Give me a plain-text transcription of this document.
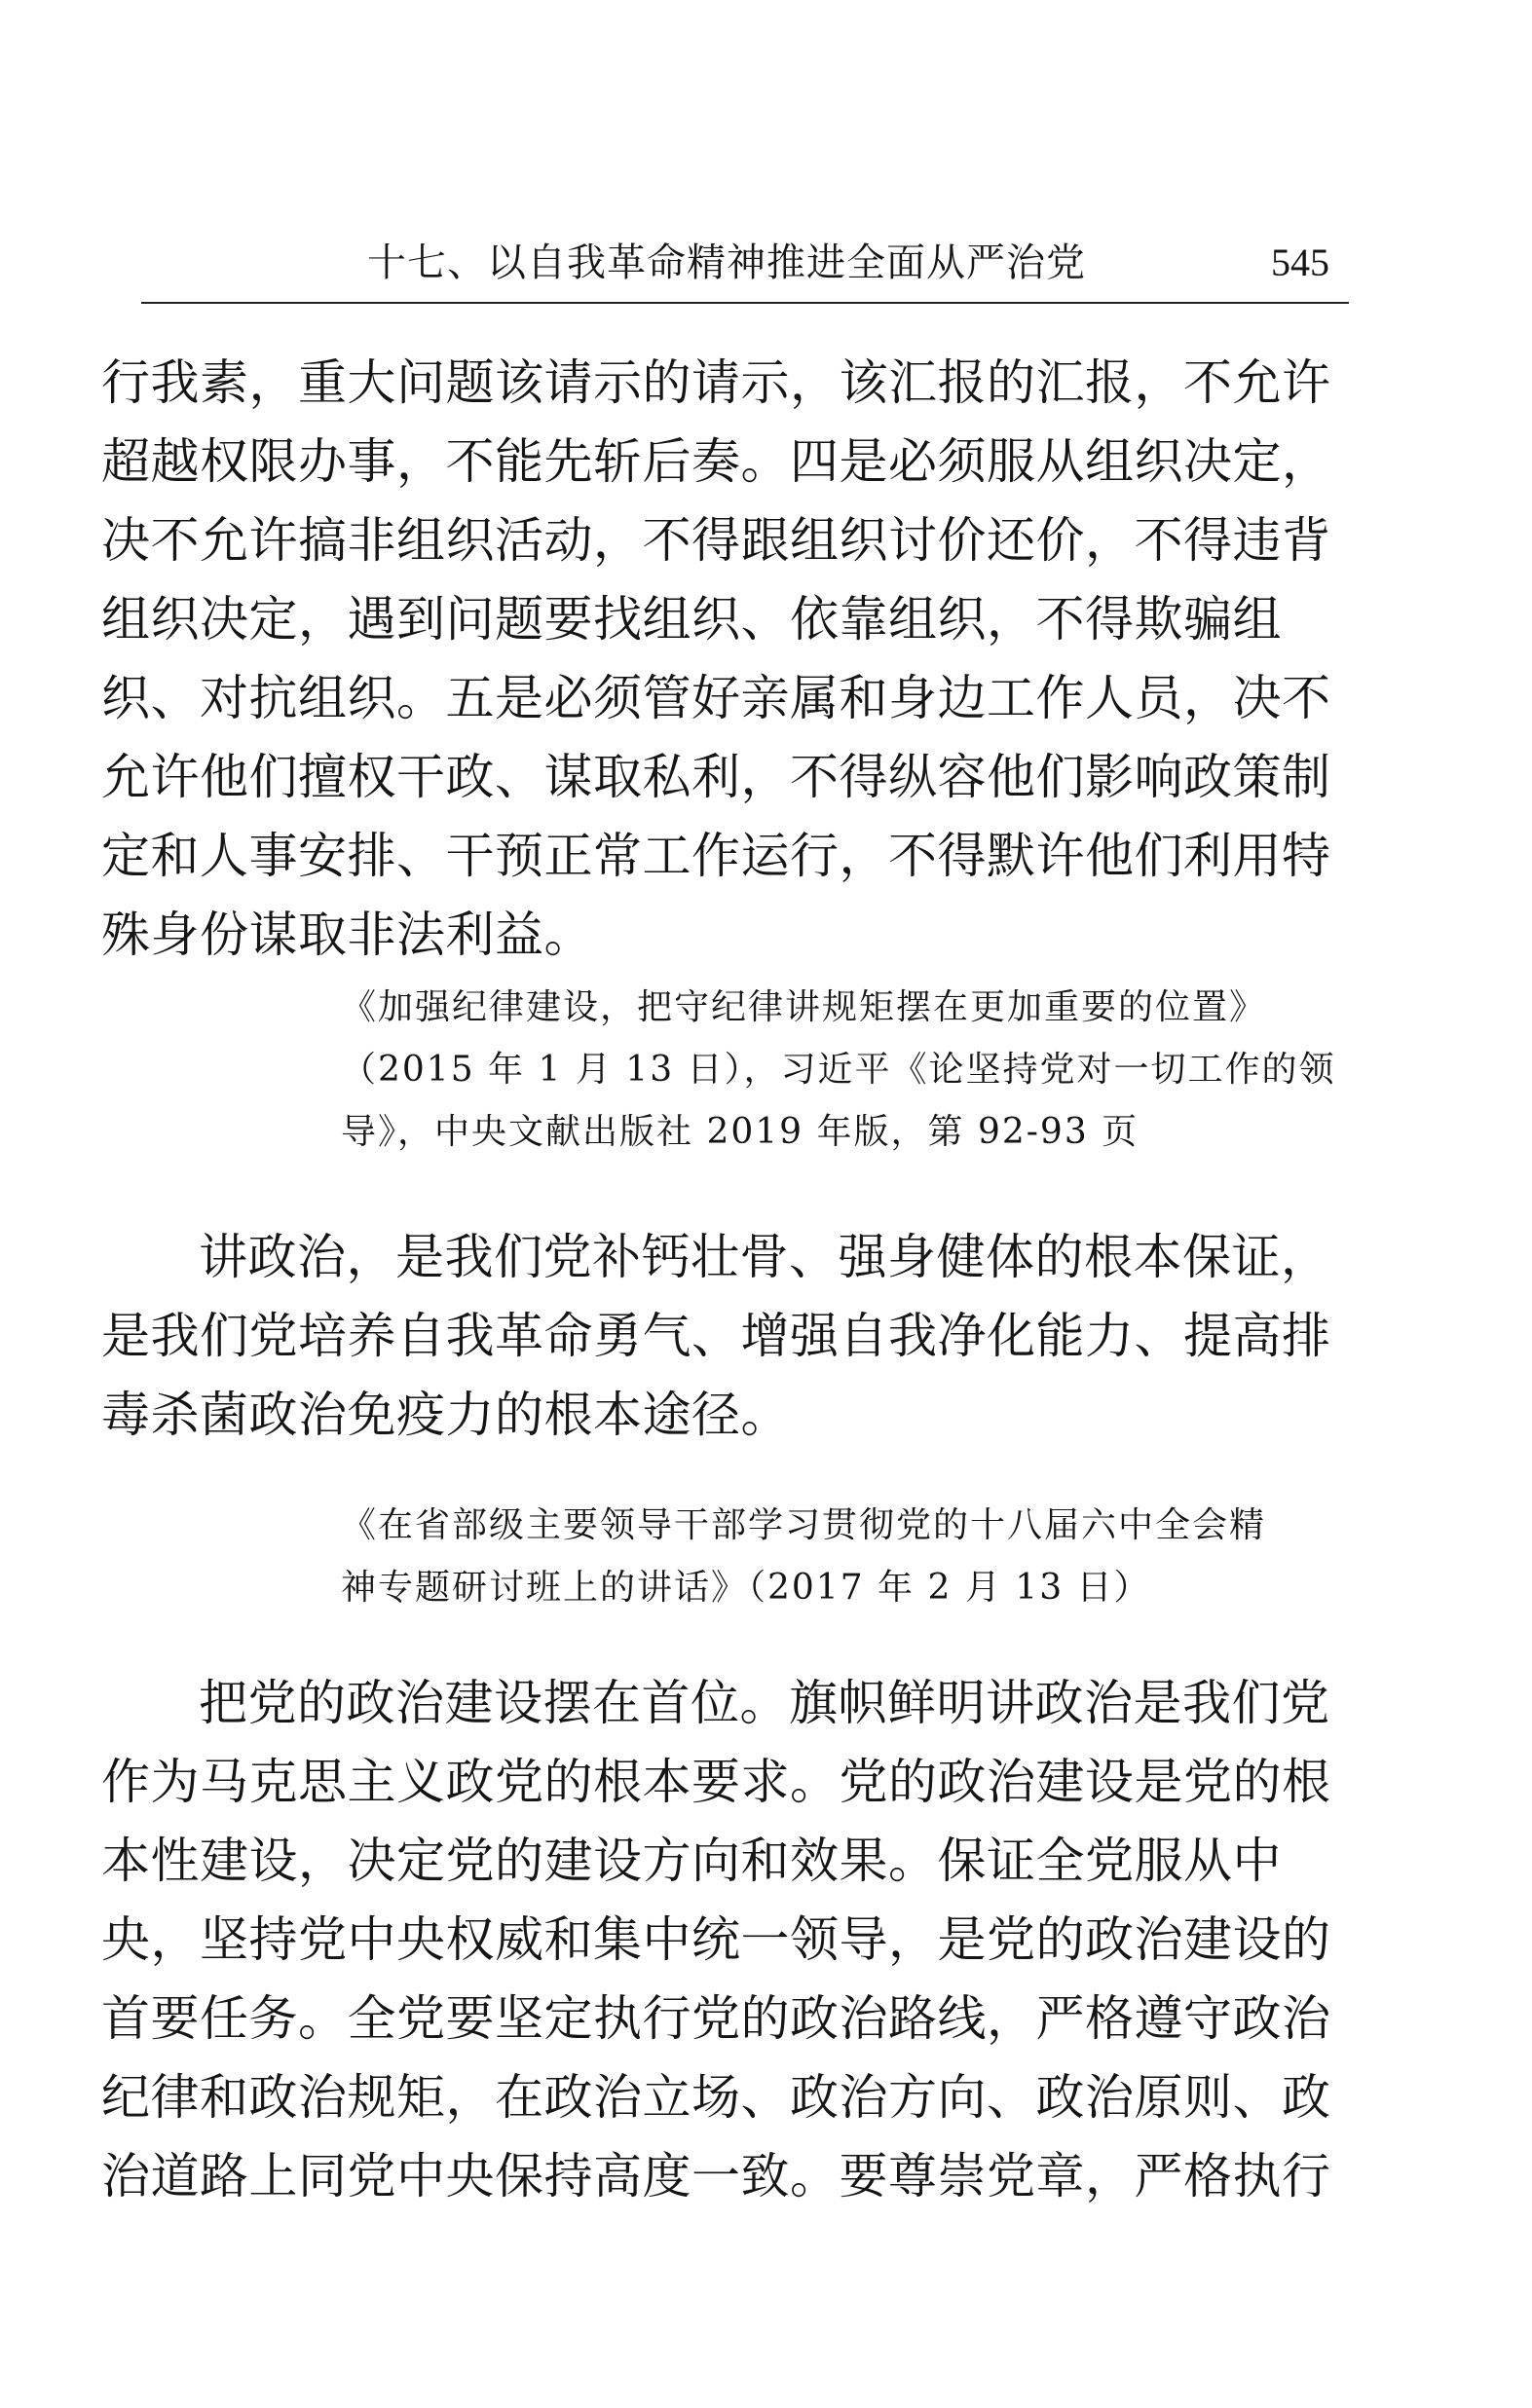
十七、以自我革命精神推进全面从严治党	545

行我素，重大问题该请示的请示，该汇报的汇报，不允许
超越权限办事，不能先斩后奏。四是必须服从组织决定，
决不允许搞非组织活动，不得跟组织讨价还价，不得违背
组织决定，遇到问题要找组织、依靠组织，不得欺骗组
织、对抗组织。五是必须管好亲属和身边工作人员，决不
允许他们擅权干政、谋取私利，不得纵容他们影响政策制
定和人事安排、干预正常工作运行，不得默许他们利用特
殊身份谋取非法利益。

《加强纪律建设，把守纪律讲规矩摆在更加重要的位置》
（2015 年 1 月 13 日），习近平《论坚持党对一切工作的领
导》，中央文献出版社 2019 年版，第 92-93 页

讲政治，是我们党补钙壮骨、强身健体的根本保证，
是我们党培养自我革命勇气、增强自我净化能力、提高排
毒杀菌政治免疫力的根本途径。

《在省部级主要领导干部学习贯彻党的十八届六中全会精
神专题研讨班上的讲话》（2017 年 2 月 13 日）

把党的政治建设摆在首位。旗帜鲜明讲政治是我们党
作为马克思主义政党的根本要求。党的政治建设是党的根
本性建设，决定党的建设方向和效果。保证全党服从中
央，坚持党中央权威和集中统一领导，是党的政治建设的
首要任务。全党要坚定执行党的政治路线，严格遵守政治
纪律和政治规矩，在政治立场、政治方向、政治原则、政
治道路上同党中央保持高度一致。要尊崇党章，严格执行
